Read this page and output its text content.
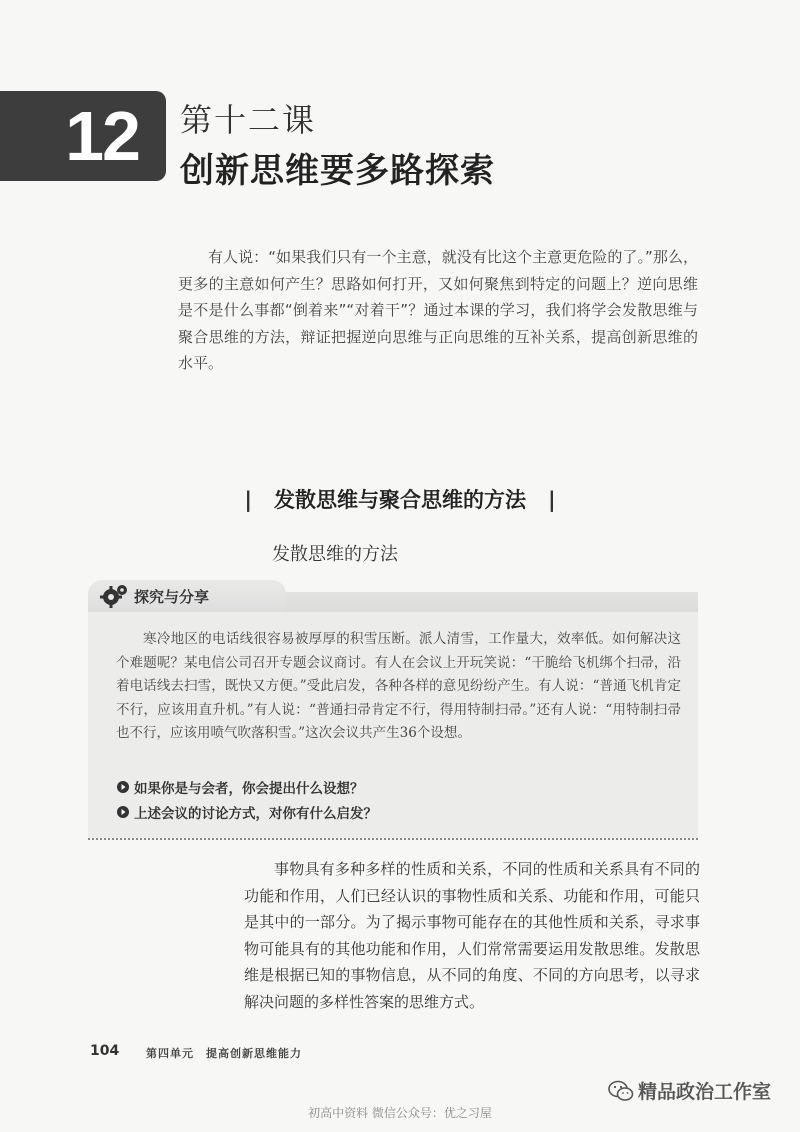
12 第十二课
创新思维要多路探索

有人说：“如果我们只有一个主意，就没有比这个主意更危险的了。”那么，更多的主意如何产生？思路如何打开，又如何聚焦到特定的问题上？逆向思维是不是什么事都“倒着来”“对着干”？通过本课的学习，我们将学会发散思维与聚合思维的方法，辩证把握逆向思维与正向思维的互补关系，提高创新思维的水平。

| 发散思维与聚合思维的方法 |
发散思维的方法
探究与分享

寒冷地区的电话线很容易被厚厚的积雪压断。派人清雪，工作量大，效率低。如何解决这个难题呢？某电信公司召开专题会议商讨。有人在会议上开玩笑说：“干脆给飞机绑个扫帚，沿着电话线去扫雪，既快又方便。”受此启发，各种各样的意见纷纷产生。有人说：“普通飞机肯定不行，应该用直升机。”有人说：“普通扫帚肯定不行，得用特制扫帚。”还有人说：“用特制扫帚也不行，应该用喷气吹落积雪。”这次会议共产生36个设想。

如果你是与会者，你会提出什么设想？
上述会议的讨论方式，对你有什么启发？

事物具有多种多样的性质和关系，不同的性质和关系具有不同的功能和作用，人们已经认识的事物性质和关系、功能和作用，可能只是其中的一部分。为了揭示事物可能存在的其他性质和关系，寻求事物可能具有的其他功能和作用，人们常常需要运用发散思维。发散思维是根据已知的事物信息，从不同的角度、不同的方向思考，以寻求解决问题的多样性答案的思维方式。

104 第四单元　提高创新思维能力
精品政治工作室
初高中资料 微信公众号：优之习屋
